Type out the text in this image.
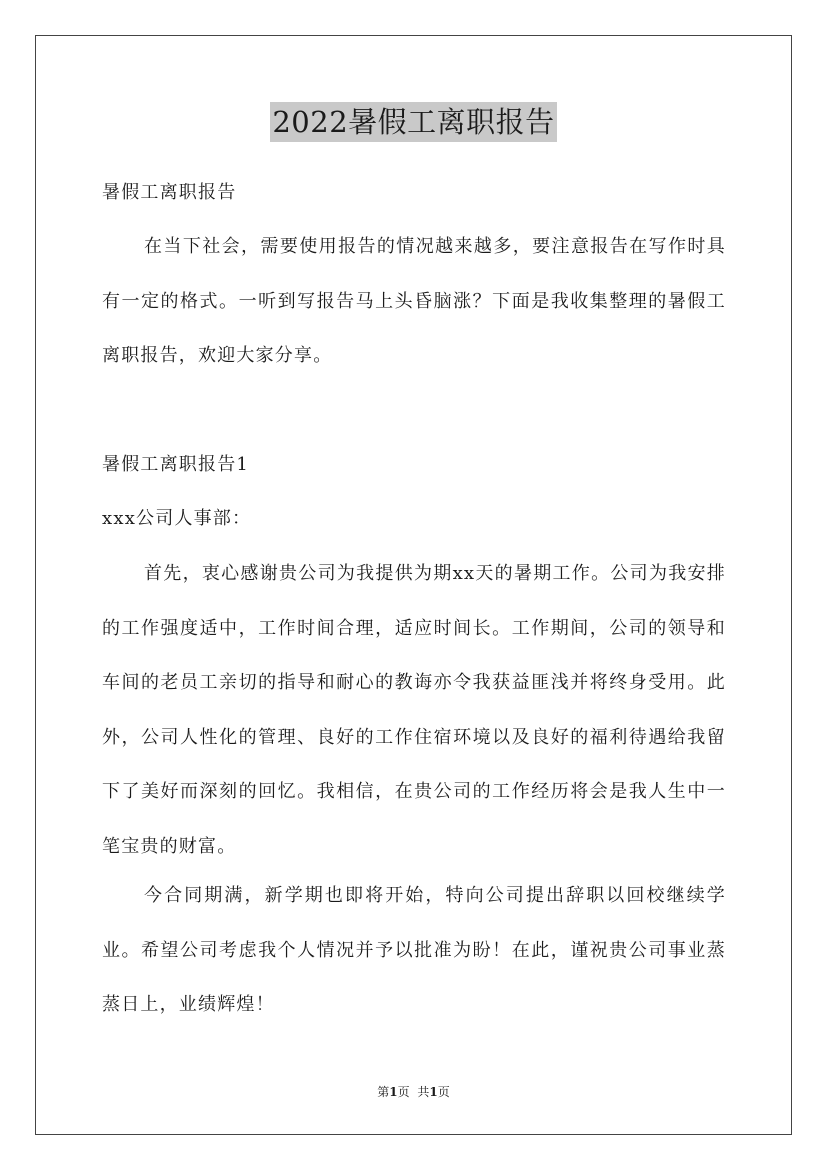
2022暑假工离职报告
暑假工离职报告

在当下社会，需要使用报告的情况越来越多，要注意报告在写作时具有一定的格式。一听到写报告马上头昏脑涨？下面是我收集整理的暑假工离职报告，欢迎大家分享。

暑假工离职报告1
xxx公司人事部：

首先，衷心感谢贵公司为我提供为期xx天的暑期工作。公司为我安排的工作强度适中，工作时间合理，适应时间长。工作期间，公司的领导和车间的老员工亲切的指导和耐心的教诲亦令我获益匪浅并将终身受用。此外，公司人性化的管理、良好的工作住宿环境以及良好的福利待遇给我留下了美好而深刻的回忆。我相信，在贵公司的工作经历将会是我人生中一笔宝贵的财富。

今合同期满，新学期也即将开始，特向公司提出辞职以回校继续学业。希望公司考虑我个人情况并予以批准为盼！在此，谨祝贵公司事业蒸蒸日上，业绩辉煌！

第1页 共1页
